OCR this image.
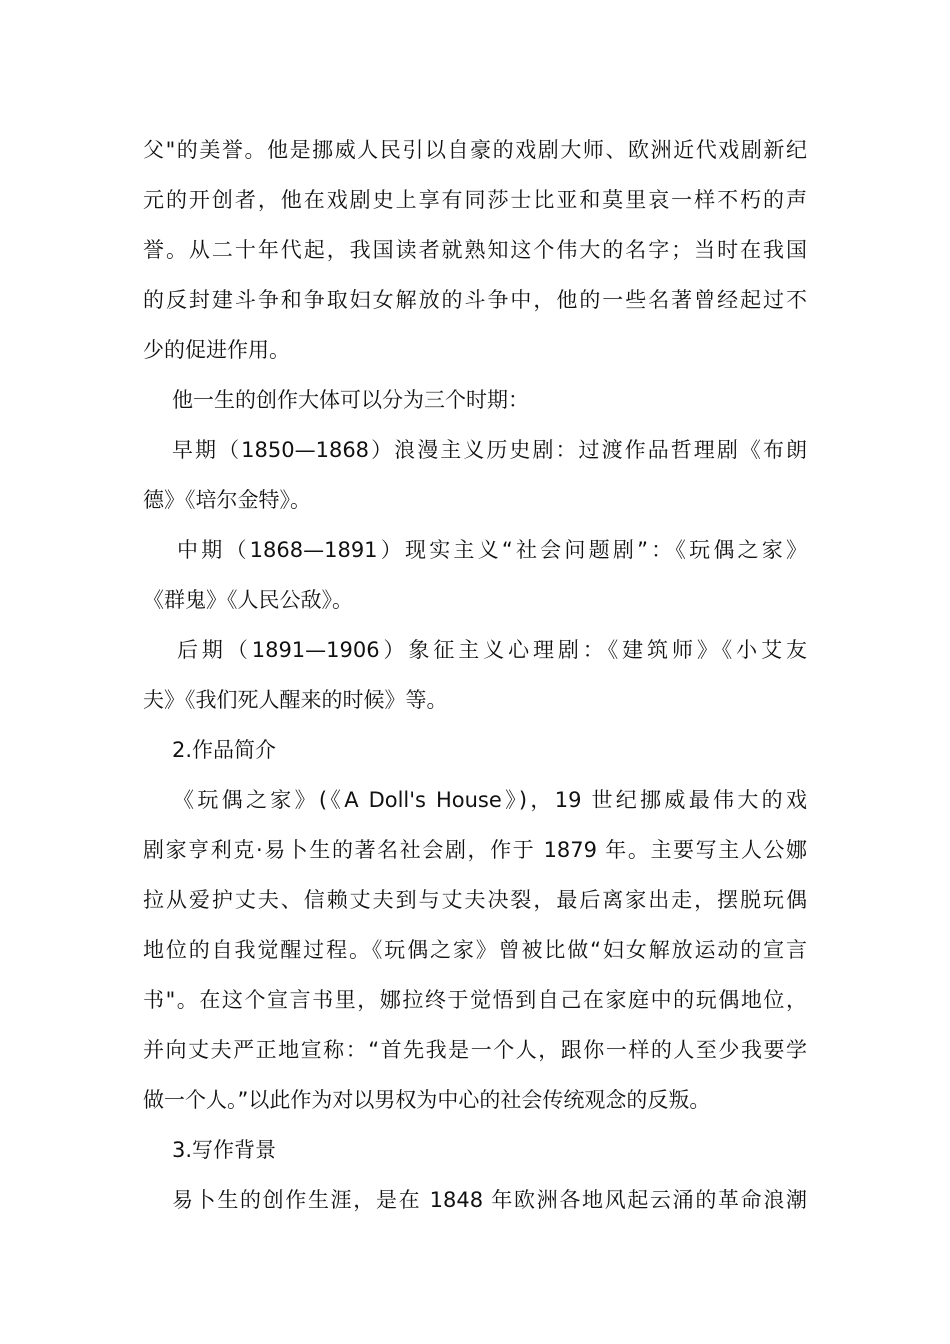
父"的美誉。他是挪威人民引以自豪的戏剧大师、欧洲近代戏剧新纪
元的开创者，他在戏剧史上享有同莎士比亚和莫里哀一样不朽的声
誉。从二十年代起，我国读者就熟知这个伟大的名字；当时在我国
的反封建斗争和争取妇女解放的斗争中，他的一些名著曾经起过不
少的促进作用。
他一生的创作大体可以分为三个时期：
早期（1850—1868）浪漫主义历史剧：过渡作品哲理剧《布朗
德》《培尔金特》。
中期（1868—1891）现实主义“社会问题剧”：《玩偶之家》
《群鬼》《人民公敌》。
后期（1891—1906）象征主义心理剧：《建筑师》《小艾友
夫》《我们死人醒来的时候》等。
2.作品简介
《玩偶之家》(《A Doll's House》)，19 世纪挪威最伟大的戏
剧家亨利克·易卜生的著名社会剧，作于 1879 年。主要写主人公娜
拉从爱护丈夫、信赖丈夫到与丈夫决裂，最后离家出走，摆脱玩偶
地位的自我觉醒过程。《玩偶之家》曾被比做“妇女解放运动的宣言
书"。在这个宣言书里，娜拉终于觉悟到自己在家庭中的玩偶地位，
并向丈夫严正地宣称：“首先我是一个人，跟你一样的人至少我要学
做一个人。”以此作为对以男权为中心的社会传统观念的反叛。
3.写作背景
易卜生的创作生涯，是在 1848 年欧洲各地风起云涌的革命浪潮
